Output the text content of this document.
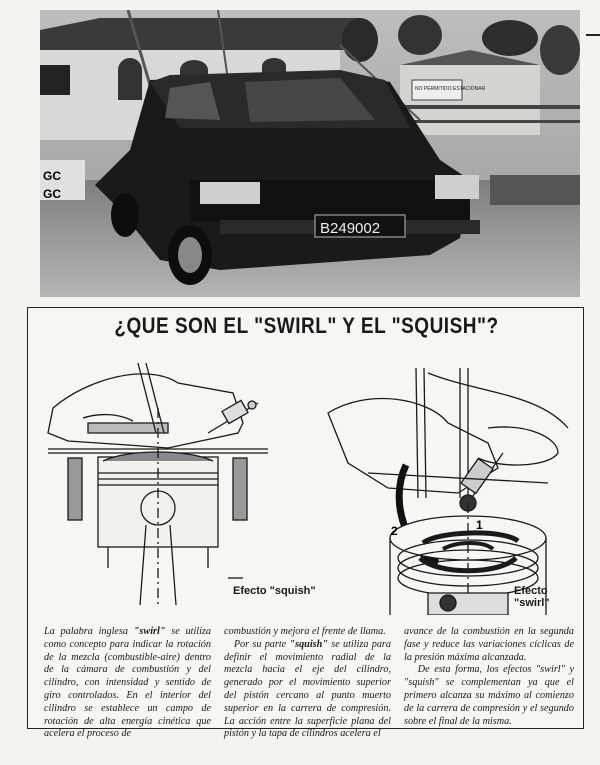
NO PERMITIDO ESTACIONAR
GC
GC
B249002
¿QUE SON EL "SWIRL" Y EL "SQUISH"?
2	1
Efecto "squish"	Efecto "swirl"
La palabra inglesa "swirl" se utiliza como concepto para indicar la rotación de la mezcla (combustible-aire) dentro de la cámara de combustión y del cilindro, con intensidad y sentido de giro controlados. En el interior del cilindro se establece un campo de rotación de alta energía cinética que acelera el proceso de
combustión y mejora el frente de llama.
Por su parte "squish" se utiliza para definir el movimiento radial de la mezcla hacia el eje del cilindro, generado por el movimiento superior del pistón cercano al punto muerto superior en la carrera de compresión. La acción entre la superficie plana del pistón y la tapa de cilindros acelera el
avance de la combustión en la segunda fase y reduce las variaciones cíclicas de la presión máxima alcanzada.
De esta forma, los efectos "swirl" y "squish" se complementan ya que el primero alcanza su máximo al comienzo de la carrera de compresión y el segundo sobre el final de la misma.
